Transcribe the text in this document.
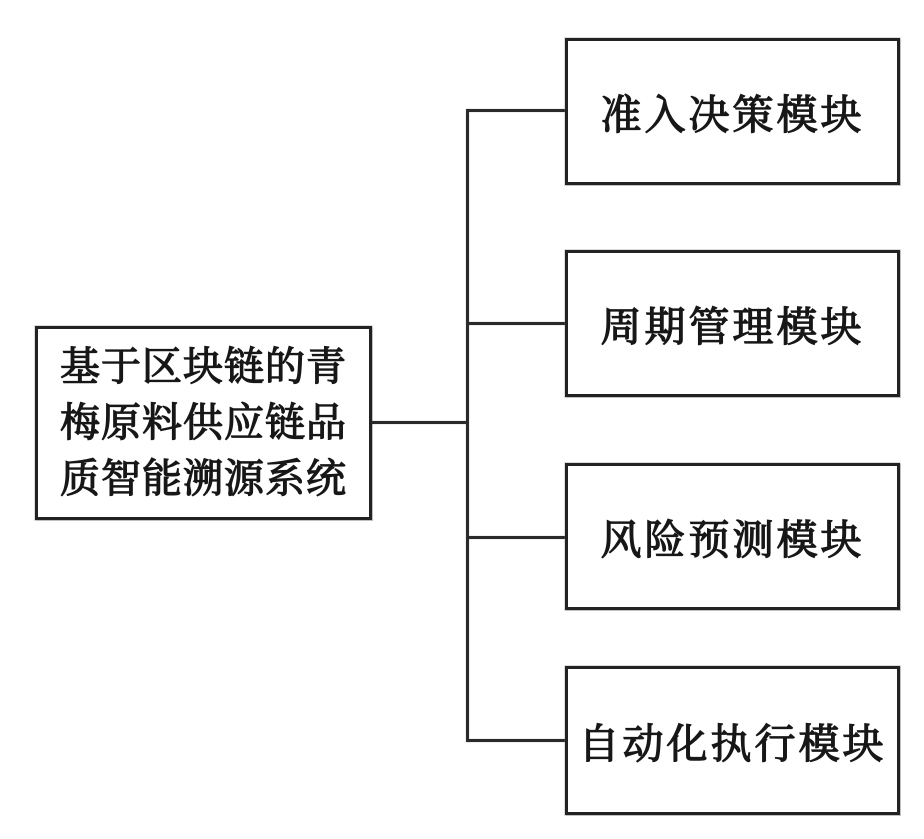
基于区块链的青
梅原料供应链品
质智能溯源系统
准入决策模块
周期管理模块
风险预测模块
自动化执行模块
